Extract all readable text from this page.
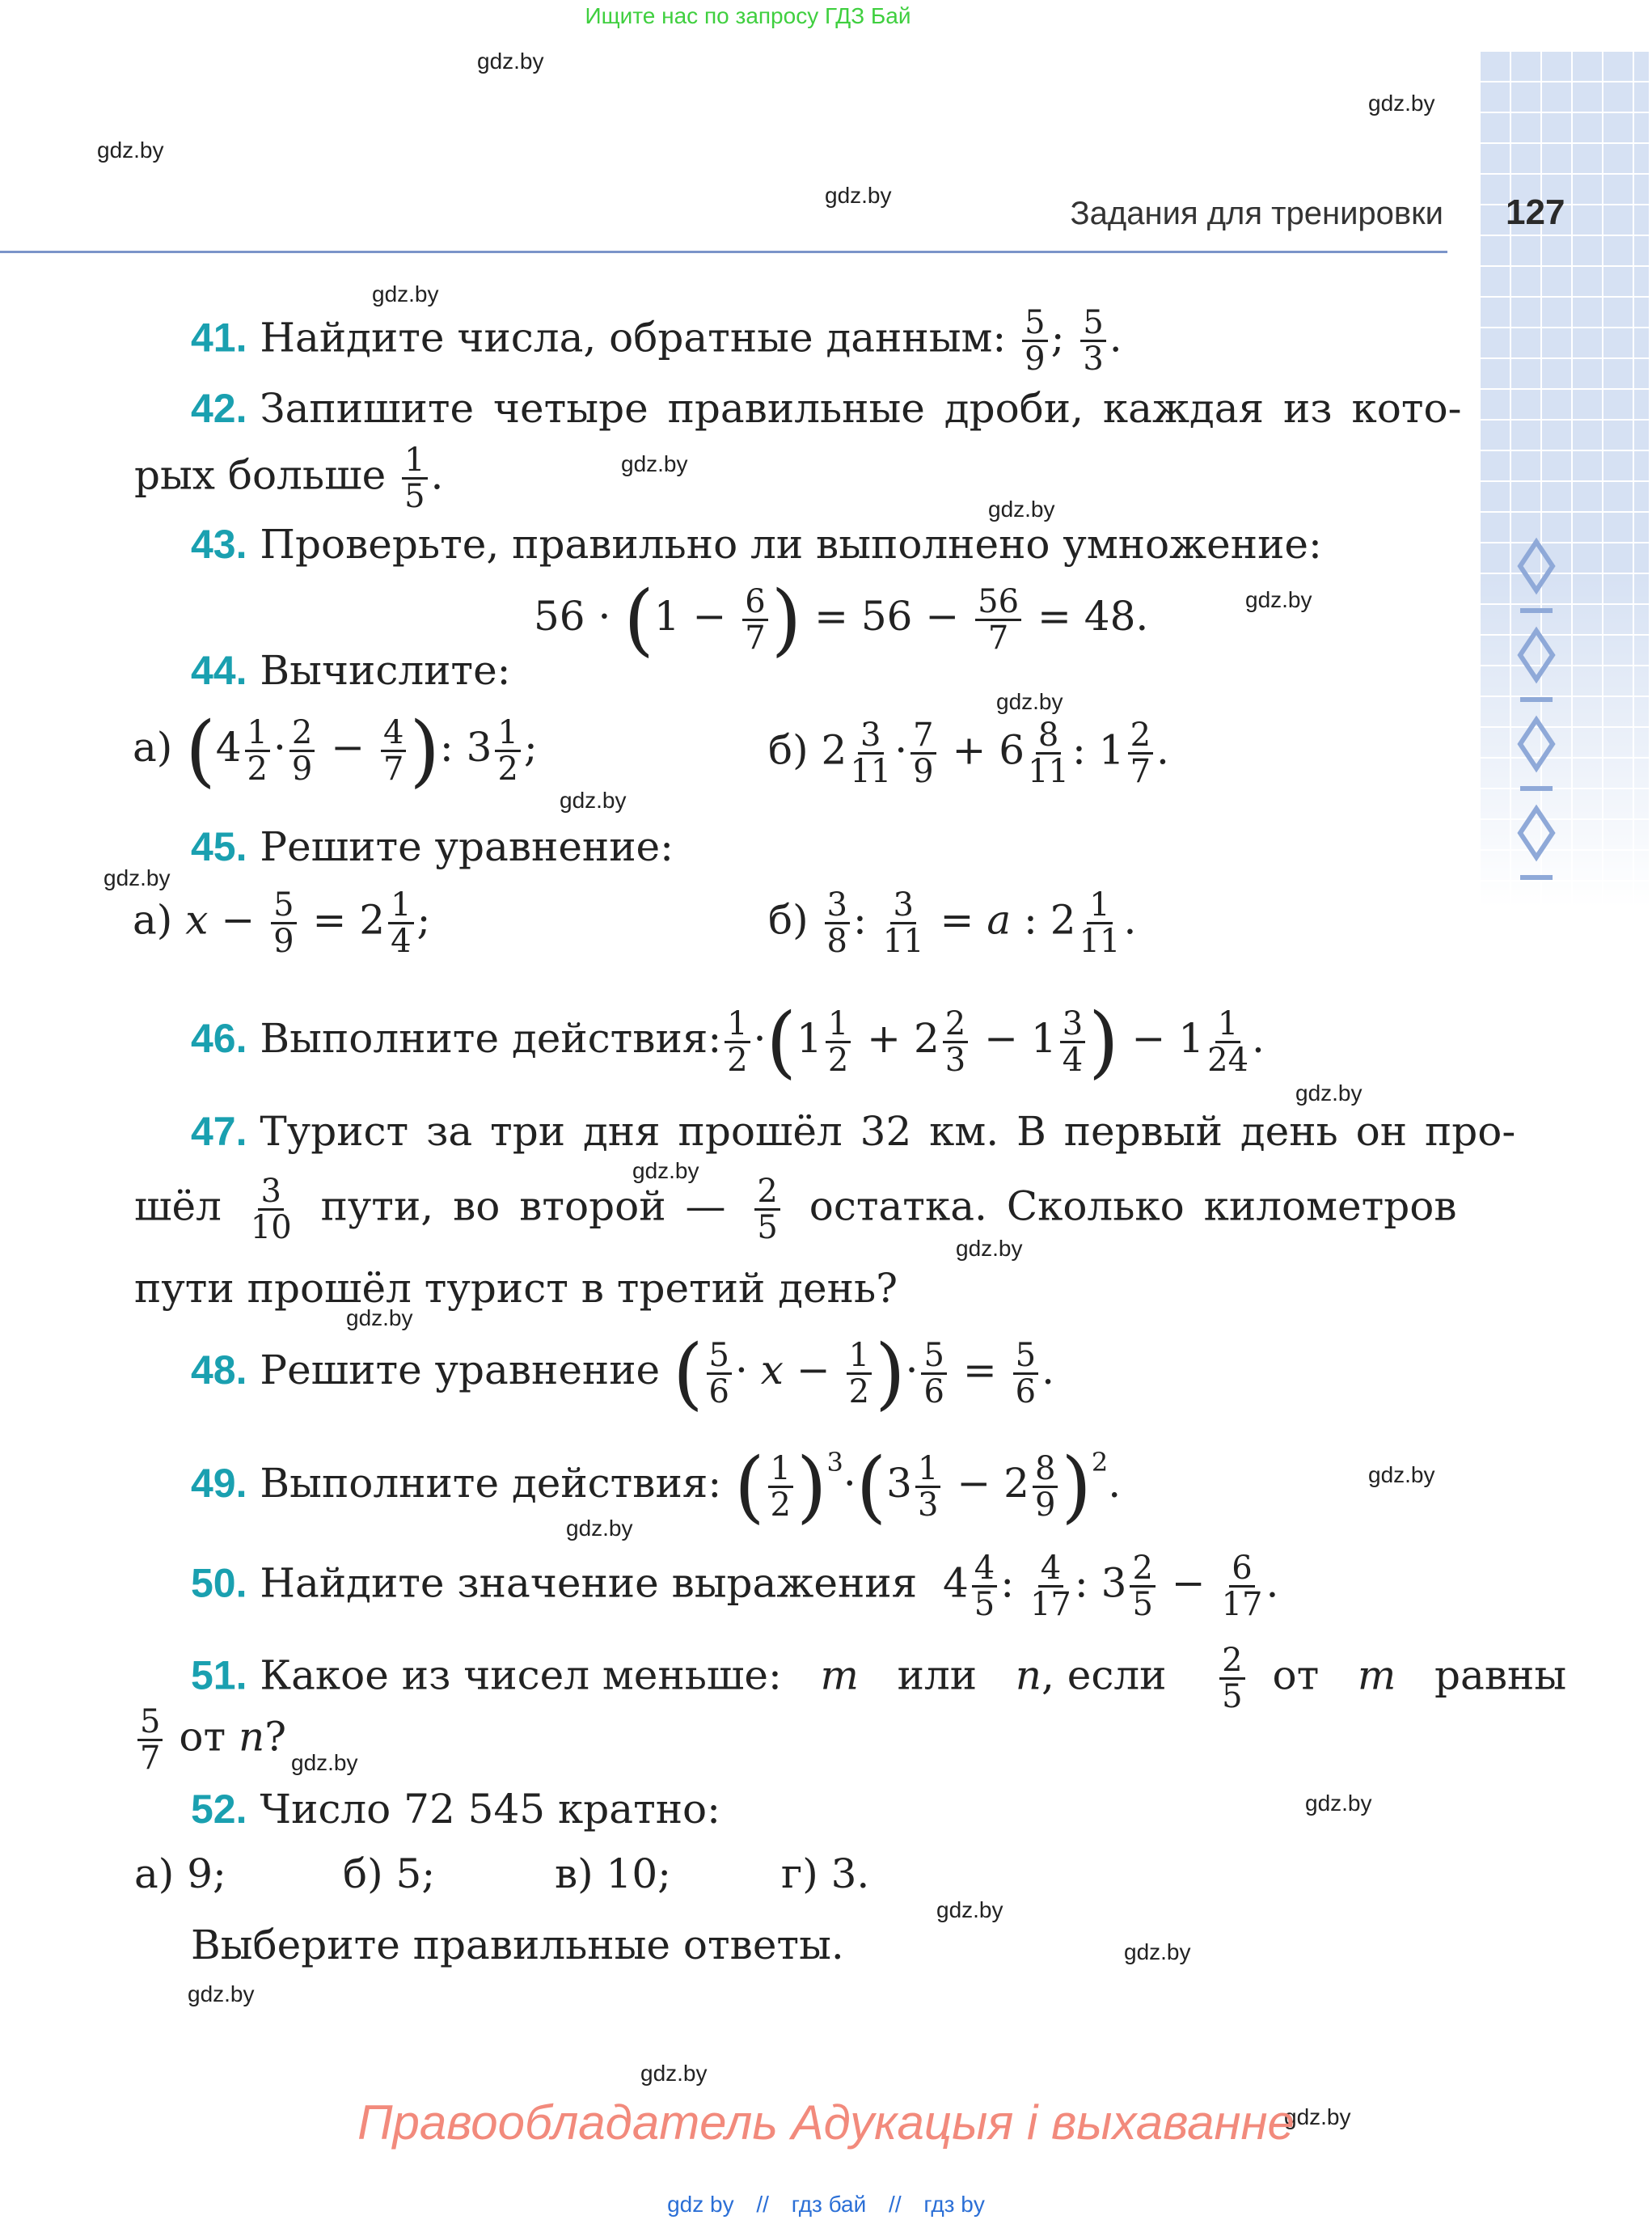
Ищите нас по запросу ГДЗ Бай
gdz.by
gdz.by
gdz.by
gdz.by
gdz.by
gdz.by
gdz.by
gdz.by
gdz.by
gdz.by
gdz.by
gdz.by
gdz.by
gdz.by
gdz.by
gdz.by
gdz.by
gdz.by
gdz.by
gdz.by
gdz.by
gdz.by
gdz.by
gdz.by
Задания для тренировки 127
41. Найдите числа, обратные данным: $\frac{5}{9}$ ; $\frac{5}{3}$ .
42. Запишите четыре правильные дроби, каждая из кото-
рых больше $\frac{1}{5}$ .
43. Проверьте, правильно ли выполнено умножение:
$56 \cdot (1 - \frac{6}{7}$ ) = $56 - \frac{56}{7} = 48$.
44. Вычислите:
а) ($4 \frac{1}{2} \cdot \frac{2}{9} - \frac{4}{7}$ ): $3 \frac{1}{2}$ ;	б) $2 \frac{3}{11} \cdot \frac{7}{9} + 6 \frac{8}{11}$ : $1 \frac{2}{7}$ .
45. Решите уравнение:
а) $x - \frac{5}{9} = 2 \frac{1}{4}$ ;	$б) \frac{3}{8}$ : $\frac{3}{11} = a$ : $2 \frac{1}{11}$ .
46. Выполните действия: $\frac{1}{2} \cdot(1 \frac{1}{2} + 2 \frac{2}{3} - 1 \frac{3}{4}$ ) − $1 \frac{1}{24}$ .
47. Турист за три дня прошёл 32 км. В первый день он про-
шёл $\frac{3}{10}$ пути, во второй — $\frac{2}{5}$ остатка. Сколько километров
пути прошёл турист в третий день?
48. Решите уравнение ( $\frac{5}{6} \cdot x - \frac{1}{2}$ )· $\frac{5}{6} = \frac{5}{6}$ .
49. Выполните действия: ( $\frac{1}{2} )^3\cdot(3 \frac{1}{3} - 2 \frac{8}{9} )^2$.
50. Найдите значение выражения  $4 \frac{4}{5}$ : $\frac{4}{17}$ : $3 \frac{2}{5} - \frac{6}{17}$ .
51. Какое из чисел меньше: m или n, если $\frac{2}{5}$ от m равны
$\frac{5}{7}$ от n?
52. Число 72 545 кратно:
а) 9;	б) 5;	в) 10;	г) 3.
Выберите правильные ответы.
Правообладатель Адукацыя і выхаванне
gdz by // гдз бай // гдз by
